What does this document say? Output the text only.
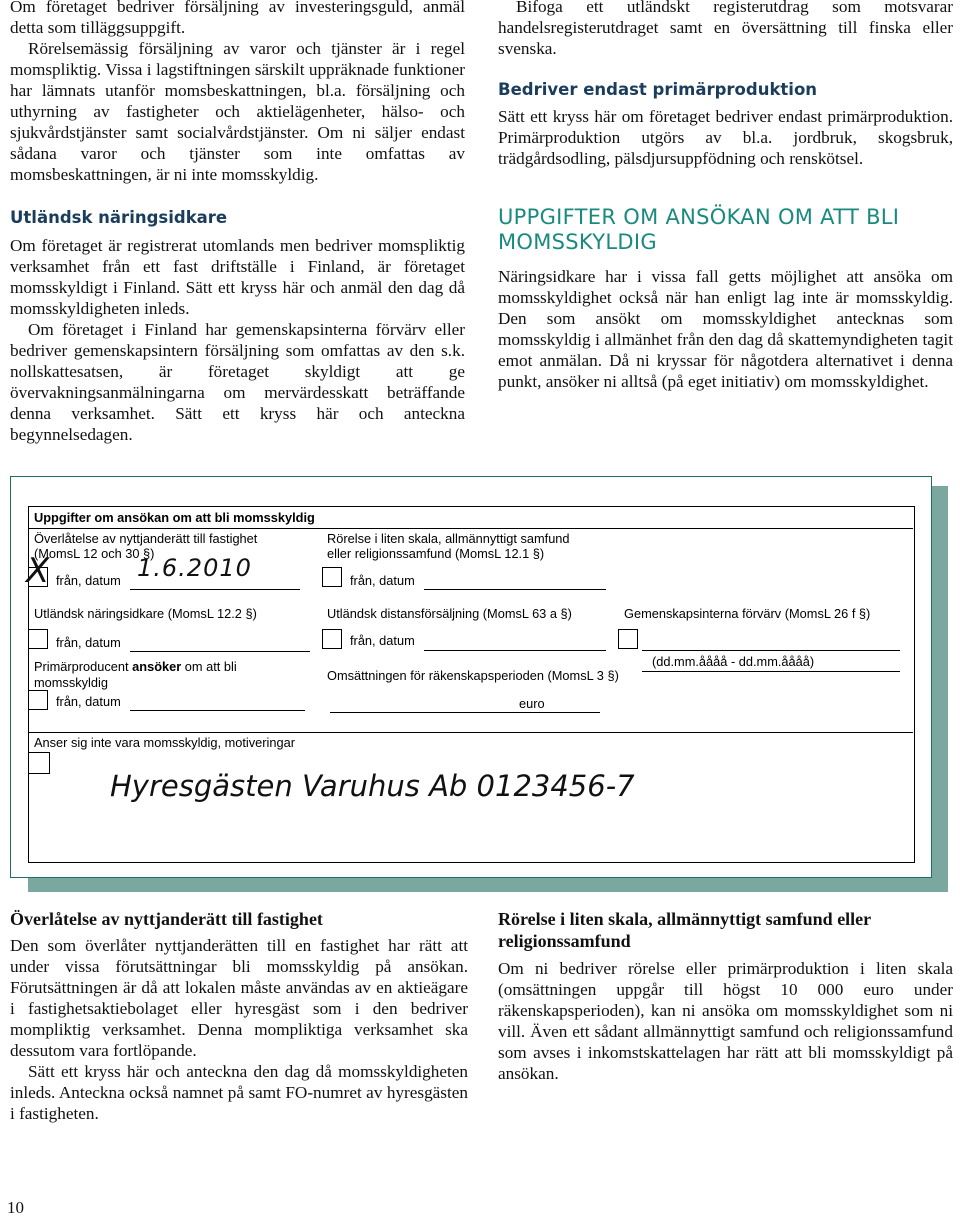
Om företaget bedriver försäljning av investeringsguld, anmäl detta som tilläggsuppgift.

Rörelsemässig försäljning av varor och tjänster är i regel momspliktig. Vissa i lagstiftningen särskilt uppräknade funktioner har lämnats utanför momsbeskattningen, bl.a. försäljning och uthyrning av fastigheter och aktielägenheter, hälso- och sjukvårdstjänster samt socialvårdstjänster. Om ni säljer endast sådana varor och tjänster som inte omfattas av momsbeskattningen, är ni inte momsskyldig.

Utländsk näringsidkare

Om företaget är registrerat utomlands men bedriver momspliktig verksamhet från ett fast driftställe i Finland, är företaget momsskyldigt i Finland. Sätt ett kryss här och anmäl den dag då momsskyldigheten inleds.

Om företaget i Finland har gemenskapsinterna förvärv eller bedriver gemenskapsintern försäljning som omfattas av den s.k. nollskattesatsen, är företaget skyldigt att ge övervakningsanmälningarna om mervärdesskatt beträffande denna verksamhet. Sätt ett kryss här och anteckna begynnelsedagen.

Bifoga ett utländskt registerutdrag som motsvarar handelsregisterutdraget samt en översättning till finska eller svenska.
Bedriver endast primärproduktion
Sätt ett kryss här om företaget bedriver endast primärproduktion. Primärproduktion utgörs av bl.a. jordbruk, skogsbruk, trädgårdsodling, pälsdjursuppfödning och renskötsel.
UPPGIFTER OM ANSÖKAN OM ATT BLI MOMSSKYLDIG
Näringsidkare har i vissa fall getts möjlighet att ansöka om momsskyldighet också när han enligt lag inte är momsskyldig. Den som ansökt om momsskyldighet antecknas som momsskyldig i allmänhet från den dag då skattemyndigheten tagit emot anmälan. Då ni kryssar för någotdera alternativet i denna punkt, ansöker ni alltså (på eget initiativ) om momsskyldighet.
Uppgifter om ansökan om att bli momsskyldig
Överlåtelse av nyttjanderätt till fastighet
(MomsL 12 och 30 §)
X från, datum 1.6.2010
Rörelse i liten skala, allmännyttigt samfund
eller religionssamfund (MomsL 12.1 §)
från, datum
Utländsk näringsidkare (MomsL 12.2 §)
från, datum
Utländsk distansförsäljning (MomsL 63 a §)
från, datum
Gemenskapsinterna förvärv (MomsL 26 f §)
Primärproducent ansöker om att bli
momsskyldig
från, datum
Omsättningen för räkenskapsperioden (MomsL 3 §)
(dd.mm.åååå - dd.mm.åååå)
euro
Anser sig inte vara momsskyldig, motiveringar
Hyresgästen Varuhus Ab 0123456-7
Överlåtelse av nyttjanderätt till fastighet

Den som överlåter nyttjanderätten till en fastighet har rätt att under vissa förutsättningar bli momsskyldig på ansökan. Förutsättningen är då att lokalen måste användas av en aktieägare i fastighetsaktiebolaget eller hyresgäst som i den bedriver mompliktig verksamhet. Denna mompliktiga verksamhet ska dessutom vara fortlöpande.

Sätt ett kryss här och anteckna den dag då momsskyldigheten inleds. Anteckna också namnet på samt FO-numret av hyresgästen i fastigheten.

Rörelse i liten skala, allmännyttigt samfund eller religionssamfund
Om ni bedriver rörelse eller primärproduktion i liten skala (omsättningen uppgår till högst 10 000 euro under räkenskapsperioden), kan ni ansöka om momsskyldighet som ni vill. Även ett sådant allmännyttigt samfund och religionssamfund som avses i inkomstskattelagen har rätt att bli momsskyldigt på ansökan.
10
